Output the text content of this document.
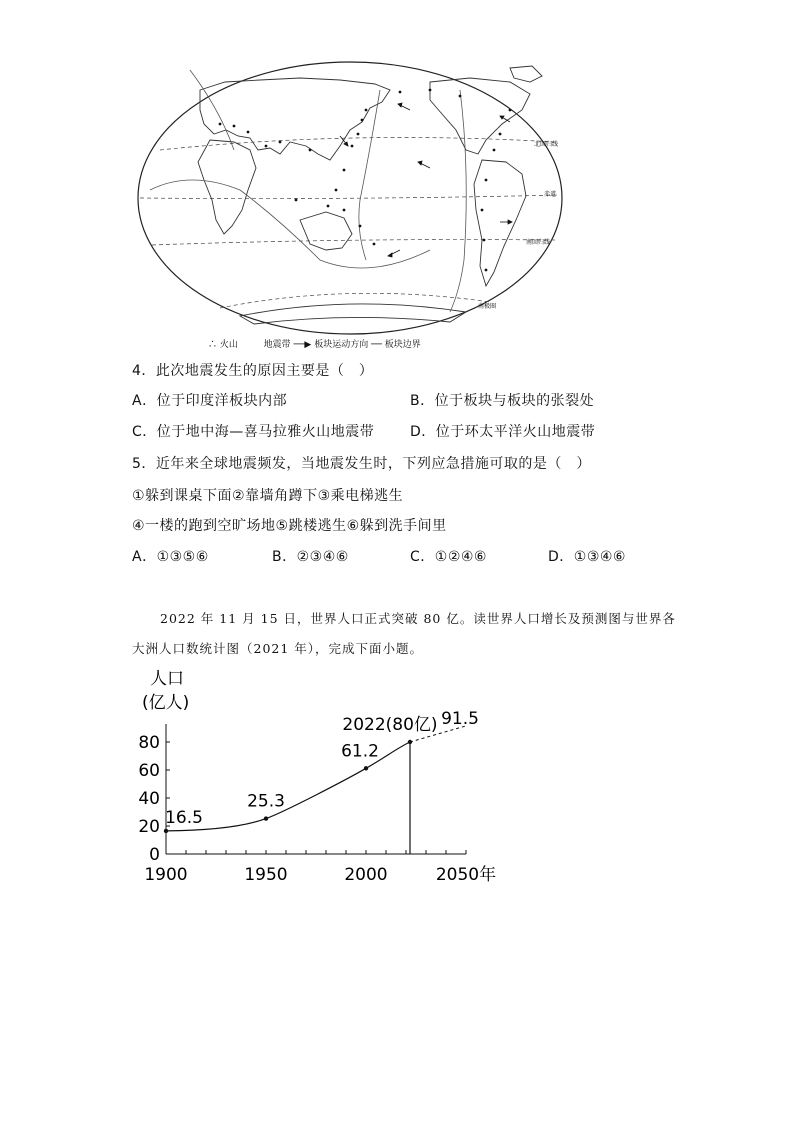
北回归线
赤道
南回归线
南极圈
∴ 火山	地震带 ──▶ 板块运动方向 ── 板块边界
4．此次地震发生的原因主要是（　）
A．位于印度洋板块内部	B．位于板块与板块的张裂处
C．位于地中海—喜马拉雅火山地震带	D．位于环太平洋火山地震带
5．近年来全球地震频发，当地震发生时，下列应急措施可取的是（　）
①躲到课桌下面②靠墙角蹲下③乘电梯逃生
④一楼的跑到空旷场地⑤跳楼逃生⑥躲到洗手间里
A．①③⑤⑥	B．②③④⑥	C．①②④⑥	D．①③④⑥
2022 年 11 月 15 日，世界人口正式突破 80 亿。读世界人口增长及预测图与世界各
大洲人口数统计图（2021 年），完成下面小题。
人口
(亿人)
0
20
40
60
80
1900	1950	2000	2050年
16.5
25.3
61.2
2022(80亿) 91.5
